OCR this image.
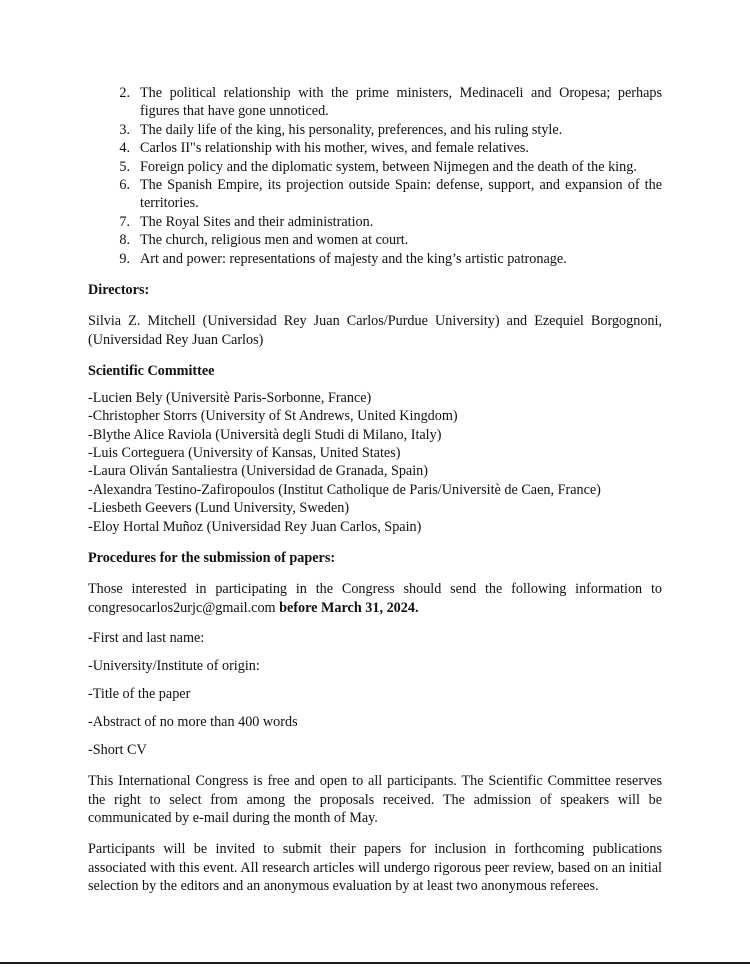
2. The political relationship with the prime ministers, Medinaceli and Oropesa; perhaps figures that have gone unnoticed.
3. The daily life of the king, his personality, preferences, and his ruling style.
4. Carlos II"s relationship with his mother, wives, and female relatives.
5. Foreign policy and the diplomatic system, between Nijmegen and the death of the king.
6. The Spanish Empire, its projection outside Spain: defense, support, and expansion of the territories.
7. The Royal Sites and their administration.
8. The church, religious men and women at court.
9. Art and power: representations of majesty and the king’s artistic patronage.
Directors:
Silvia Z. Mitchell (Universidad Rey Juan Carlos/Purdue University) and Ezequiel Borgognoni, (Universidad Rey Juan Carlos)
Scientific Committee
-Lucien Bely (Universitè Paris-Sorbonne, France)
-Christopher Storrs (University of St Andrews, United Kingdom)
-Blythe Alice Raviola (Università degli Studi di Milano, Italy)
-Luis Corteguera (University of Kansas, United States)
-Laura Oliván Santaliestra (Universidad de Granada, Spain)
-Alexandra Testino-Zafiropoulos (Institut Catholique de Paris/Universitè de Caen, France)
-Liesbeth Geevers (Lund University, Sweden)
-Eloy Hortal Muñoz (Universidad Rey Juan Carlos, Spain)
Procedures for the submission of papers:
Those interested in participating in the Congress should send the following information to congresocarlos2urjc@gmail.com before March 31, 2024.
-First and last name:
-University/Institute of origin:
-Title of the paper
-Abstract of no more than 400 words
-Short CV
This International Congress is free and open to all participants. The Scientific Committee reserves the right to select from among the proposals received. The admission of speakers will be communicated by e-mail during the month of May.
Participants will be invited to submit their papers for inclusion in forthcoming publications associated with this event. All research articles will undergo rigorous peer review, based on an initial selection by the editors and an anonymous evaluation by at least two anonymous referees.
